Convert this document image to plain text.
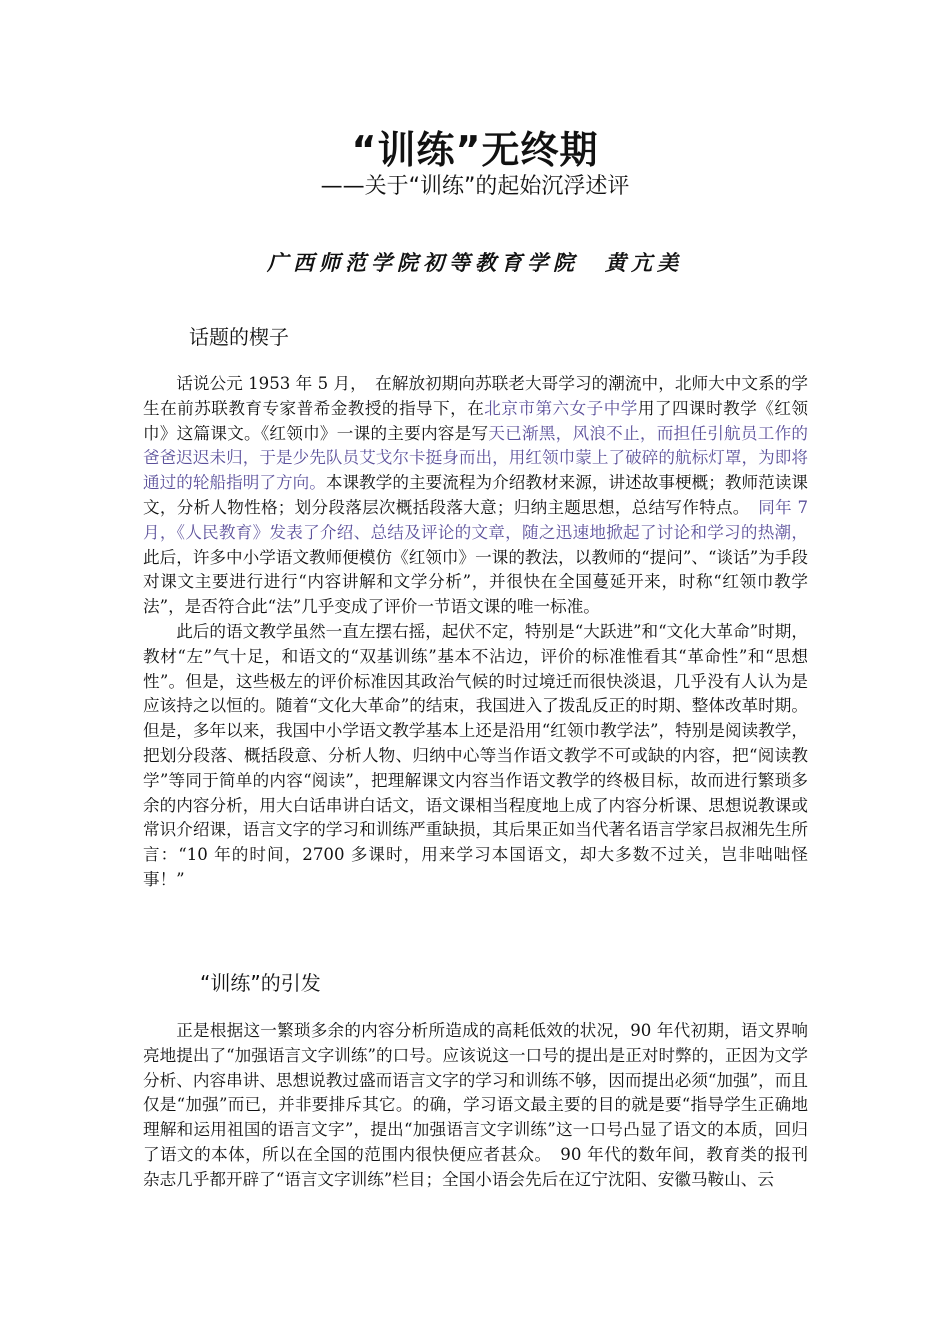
“训练”无终期
——关于“训练”的起始沉浮述评
广西师范学院初等教育学院 黄亢美
话题的楔子

话说公元 1953 年 5 月，　在解放初期向苏联老大哥学习的潮流中，北师大中文系的学生在前苏联教育专家普希金教授的指导下，在北京市第六女子中学用了四课时教学《红领巾》这篇课文。《红领巾》一课的主要内容是写天已渐黑，风浪不止，而担任引航员工作的爸爸迟迟未归，于是少先队员艾戈尔卡挺身而出，用红领巾蒙上了破碎的航标灯罩，为即将通过的轮船指明了方向。本课教学的主要流程为介绍教材来源，讲述故事梗概；教师范读课文，分析人物性格；划分段落层次概括段落大意；归纳主题思想，总结写作特点。　同年 7 月，《人民教育》发表了介绍、总结及评论的文章，随之迅速地掀起了讨论和学习的热潮，此后，许多中小学语文教师便模仿《红领巾》一课的教法，以教师的“提问”、“谈话”为手段对课文主要进行进行“内容讲解和文学分析”，并很快在全国蔓延开来，时称“红领巾教学法”，是否符合此“法”几乎变成了评价一节语文课的唯一标准。

此后的语文教学虽然一直左摆右摇，起伏不定，特别是“大跃进”和“文化大革命”时期，教材“左”气十足，和语文的“双基训练”基本不沾边，评价的标准惟看其“革命性”和“思想性”。但是，这些极左的评价标准因其政治气候的时过境迁而很快淡退，几乎没有人认为是应该持之以恒的。随着“文化大革命”的结束，我国进入了拨乱反正的时期、整体改革时期。但是，多年以来，我国中小学语文教学基本上还是沿用“红领巾教学法”，特别是阅读教学，把划分段落、概括段意、分析人物、归纳中心等当作语文教学不可或缺的内容，把“阅读教学”等同于简单的内容“阅读”，把理解课文内容当作语文教学的终极目标，故而进行繁琐多余的内容分析，用大白话串讲白话文，语文课相当程度地上成了内容分析课、思想说教课或常识介绍课，语言文字的学习和训练严重缺损，其后果正如当代著名语言学家吕叔湘先生所言：“10 年的时间，2700 多课时，用来学习本国语文，却大多数不过关，岂非咄咄怪事！”

“训练”的引发

正是根据这一繁琐多余的内容分析所造成的高耗低效的状况，90 年代初期，语文界响亮地提出了“加强语言文字训练”的口号。应该说这一口号的提出是正对时弊的，正因为文学分析、内容串讲、思想说教过盛而语言文字的学习和训练不够，因而提出必须“加强”，而且仅是“加强”而已，并非要排斥其它。的确，学习语文最主要的目的就是要“指导学生正确地理解和运用祖国的语言文字”，提出“加强语言文字训练”这一口号凸显了语文的本质，回归了语文的本体，所以在全国的范围内很快便应者甚众。　90 年代的数年间，教育类的报刊杂志几乎都开辟了“语言文字训练”栏目；全国小语会先后在辽宁沈阳、安徽马鞍山、云
